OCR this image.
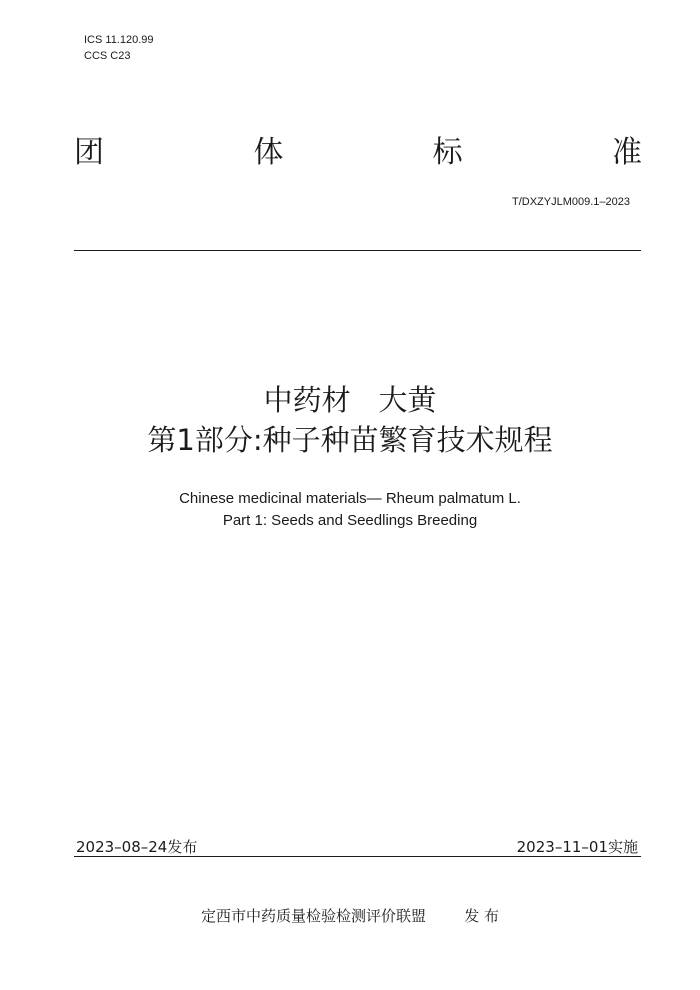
ICS 11.120.99
CCS C23
团	体	标	准
T/DXZYJLM009.1–2023
中药材   大黄
第1部分:种子种苗繁育技术规程
Chinese medicinal materials— Rheum palmatum L.
Part 1: Seeds and Seedlings Breeding
2023–08–24发布	2023–11–01实施
定西市中药质量检验检测评价联盟	发 布
